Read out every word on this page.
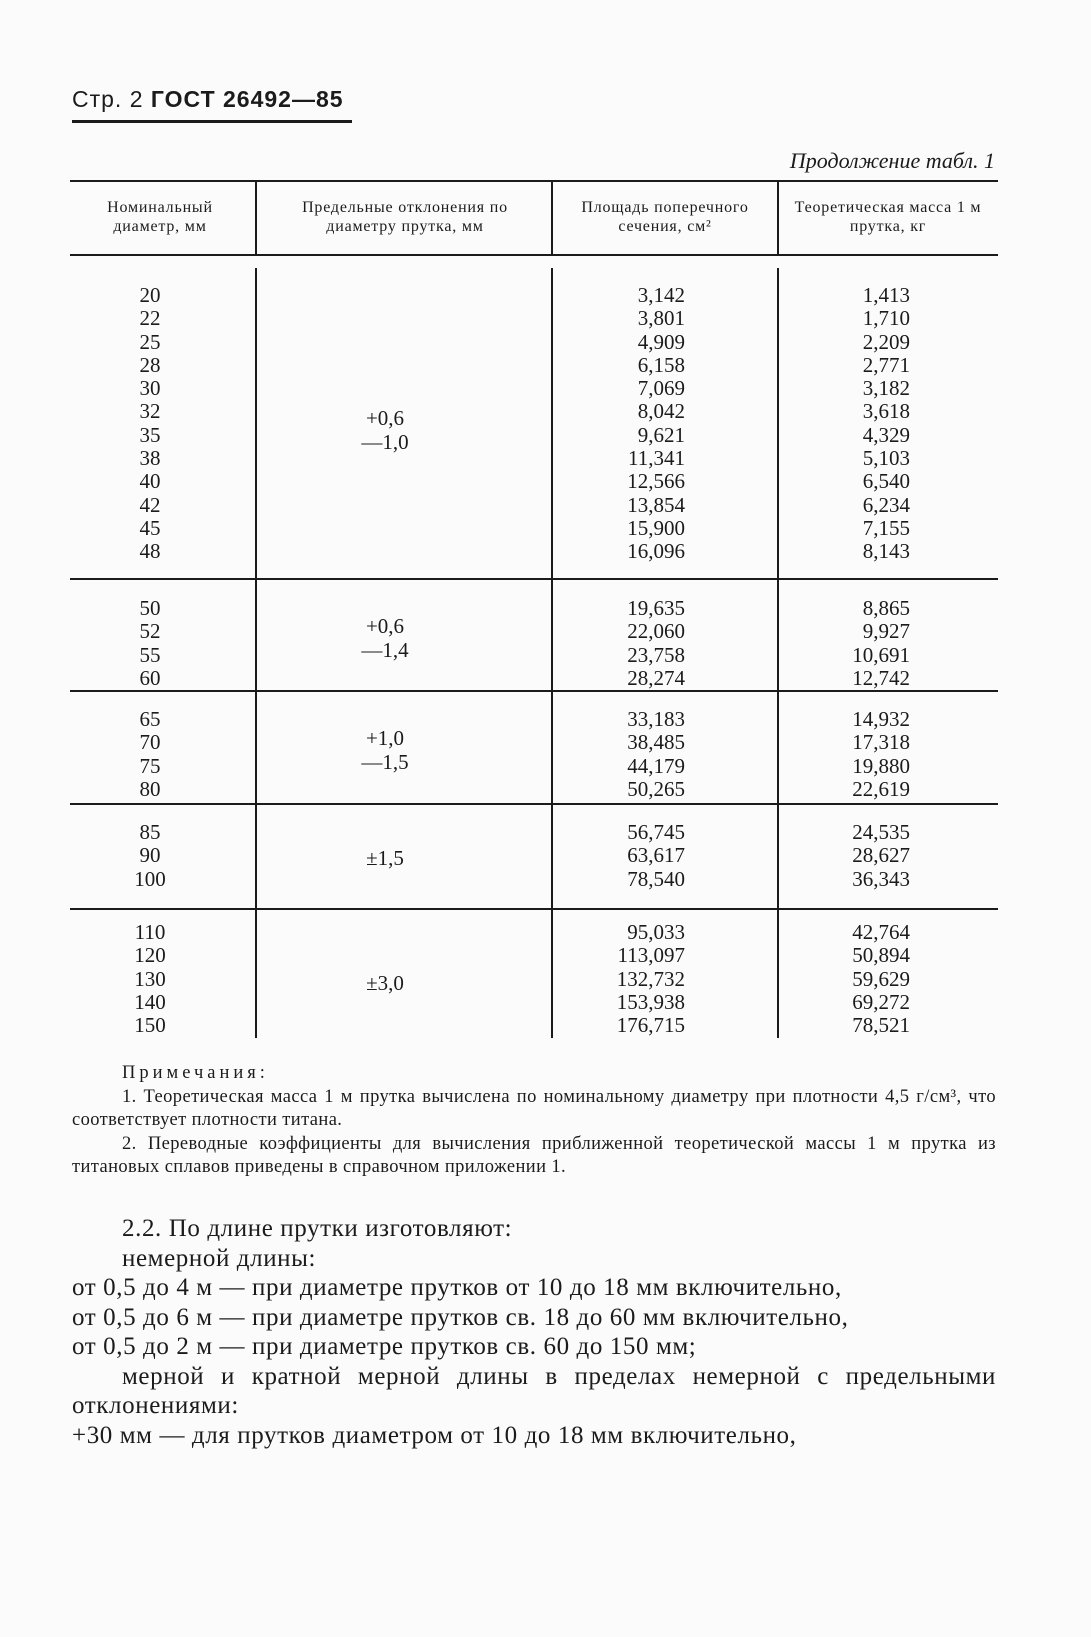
Стр. 2 ГОСТ 26492—85
Продолжение табл. 1
Номинальный диаметр, мм
Предельные отклонения по диаметру прутка, мм
Площадь поперечного сечения, см²
Теоретическая масса 1 м прутка, кг
20
22
25
28
30
32
35
38
40
42
45
48
+0,6
—1,0
3,142
3,801
4,909
6,158
7,069
8,042
9,621
11,341
12,566
13,854
15,900
16,096
1,413
1,710
2,209
2,771
3,182
3,618
4,329
5,103
6,540
6,234
7,155
8,143
50
52
55
60
+0,6
—1,4
19,635
22,060
23,758
28,274
8,865
9,927
10,691
12,742
65
70
75
80
+1,0
—1,5
33,183
38,485
44,179
50,265
14,932
17,318
19,880
22,619
85
90
100
±1,5
56,745
63,617
78,540
24,535
28,627
36,343
110
120
130
140
150
±3,0
95,033
113,097
132,732
153,938
176,715
42,764
50,894
59,629
69,272
78,521

Примечания:

1. Теоретическая масса 1 м прутка вычислена по номинальному диаметру при плотности 4,5 г/см³, что соответствует плотности титана.

2. Переводные коэффициенты для вычисления приближенной теоретической массы 1 м прутка из титановых сплавов приведены в справочном приложении 1.

2.2. По длине прутки изготовляют:

немерной длины:

от 0,5 до 4 м — при диаметре прутков от 10 до 18 мм включительно,

от 0,5 до 6 м — при диаметре прутков св. 18 до 60 мм включительно,

от 0,5 до 2 м — при диаметре прутков св. 60 до 150 мм;

мерной и кратной мерной длины в пределах немерной с предельными отклонениями:

+30 мм — для прутков диаметром от 10 до 18 мм включительно,
